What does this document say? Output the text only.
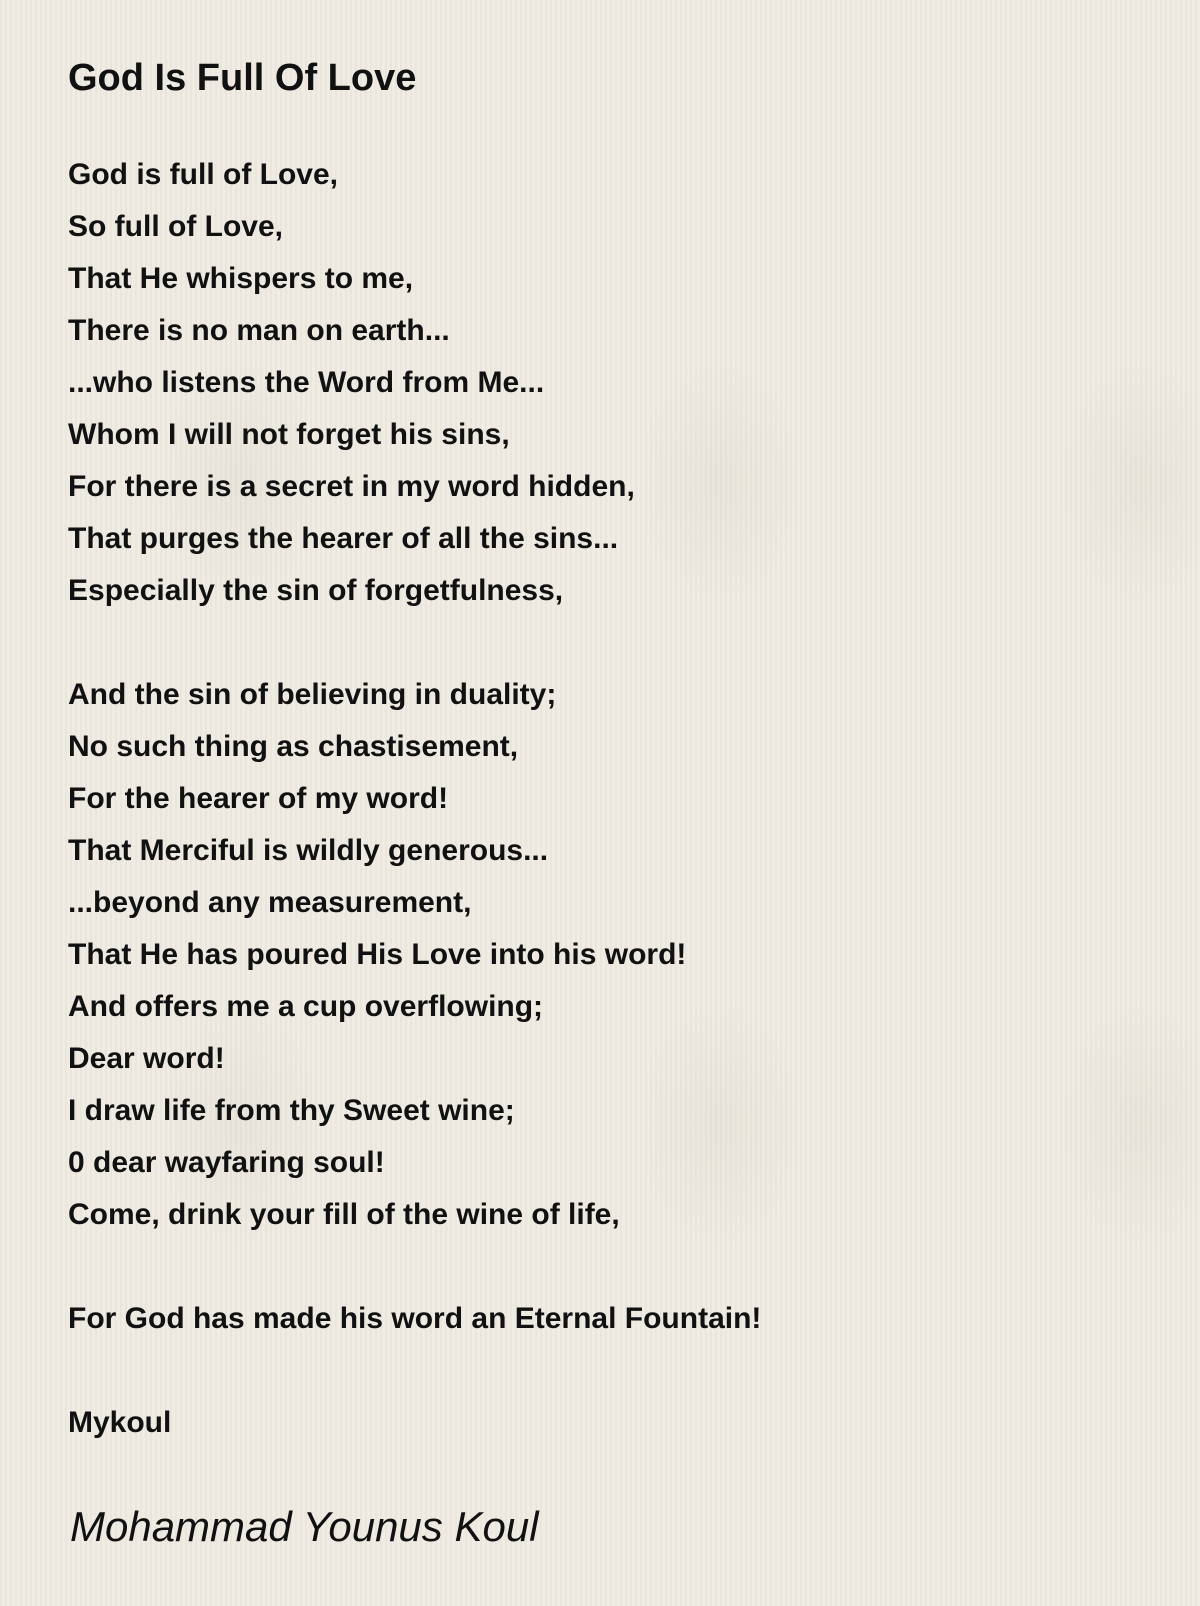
God Is Full Of Love
God is full of Love,
So full of Love,
That He whispers to me,
There is no man on earth...
...who listens the Word from Me...
Whom I will not forget his sins,
For there is a secret in my word hidden,
That purges the hearer of all the sins...
Especially the sin of forgetfulness,
And the sin of believing in duality;
No such thing as chastisement,
For the hearer of my word!
That Merciful is wildly generous...
...beyond any measurement,
That He has poured His Love into his word!
And offers me a cup overflowing;
Dear word!
I draw life from thy Sweet wine;
0 dear wayfaring soul!
Come, drink your fill of the wine of life,
For God has made his word an Eternal Fountain!
Mykoul
Mohammad Younus Koul
